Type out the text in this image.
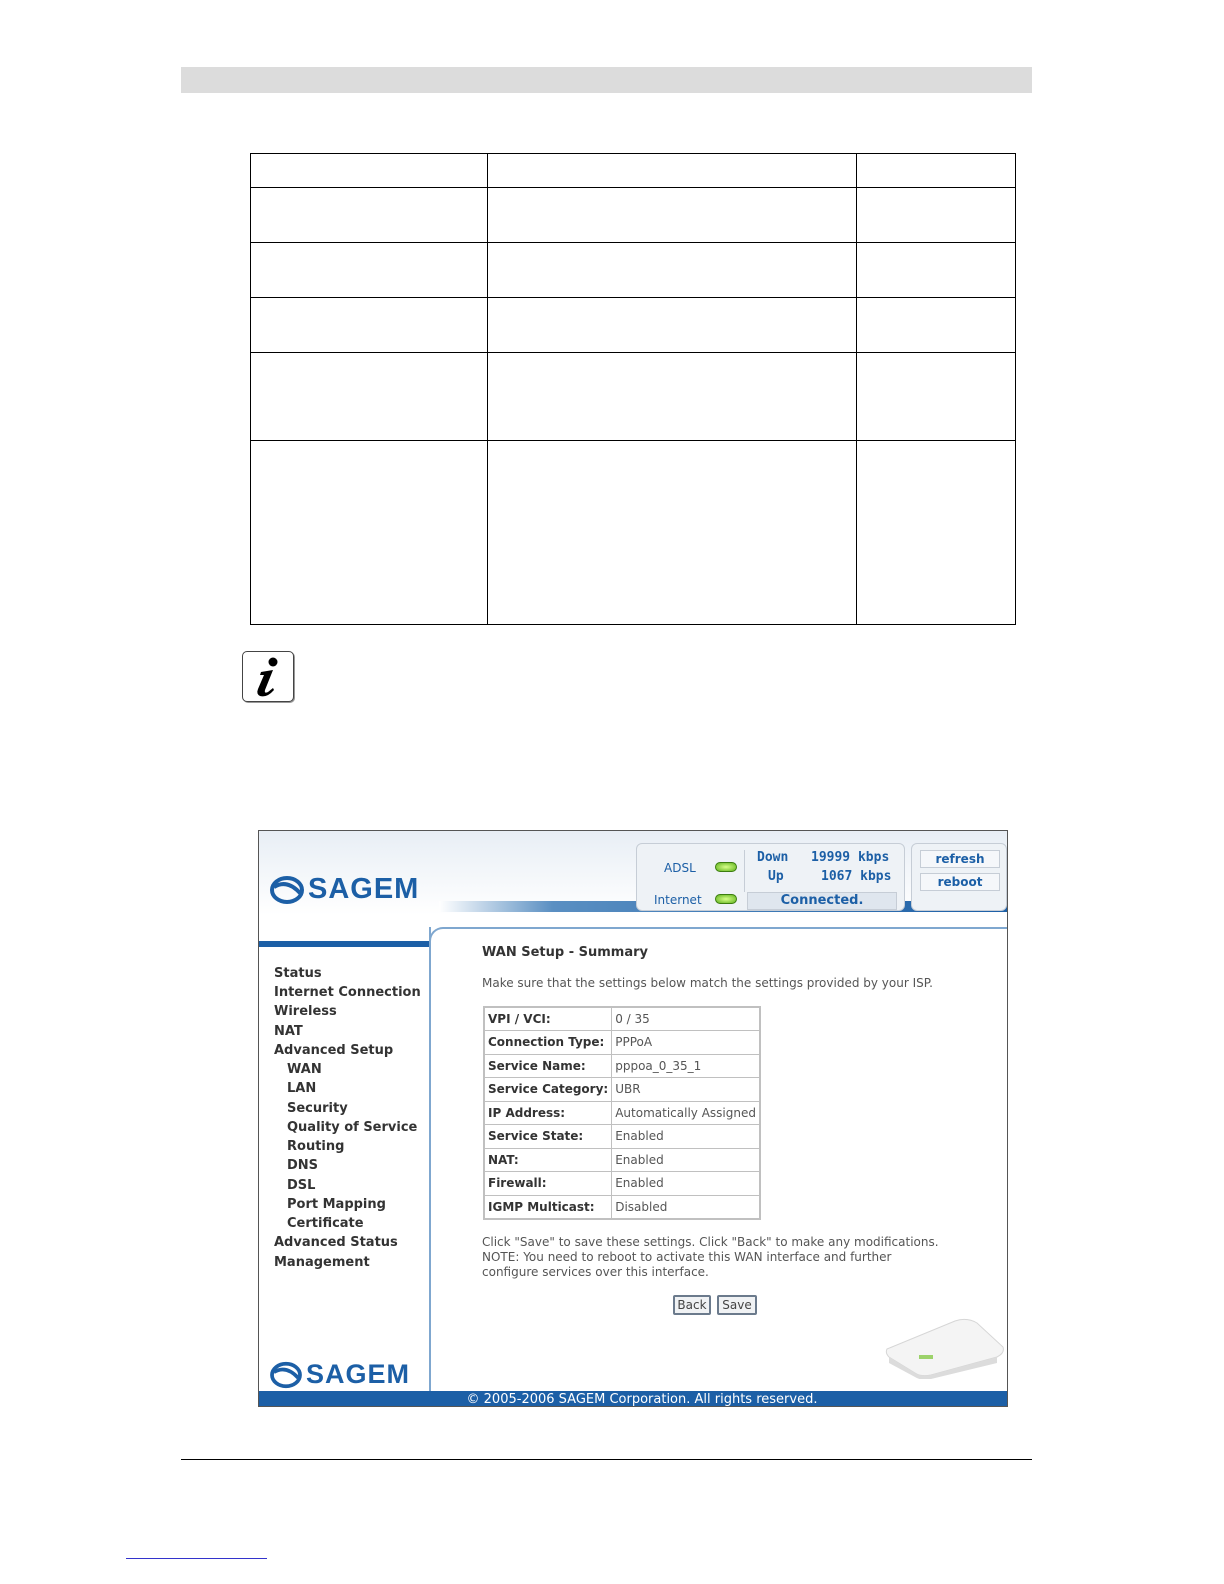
SAGEM
ADSL
Internet
Down 19999 kbps
Up	1067 kbps
Connected.
refresh
reboot
Status
Internet Connection
Wireless
NAT
Advanced Setup
WAN
LAN
Security
Quality of Service
Routing
DNS
DSL
Port Mapping
Certificate
Advanced Status
Management
WAN Setup - Summary
Make sure that the settings below match the settings provided by your ISP.
VPI / VCI:	0 / 35
Connection Type:	PPPoA
Service Name:	pppoa_0_35_1
Service Category:	UBR
IP Address:	Automatically Assigned
Service State:	Enabled
NAT:	Enabled
Firewall:	Enabled
IGMP Multicast:	Disabled
Click "Save" to save these settings. Click "Back" to make any modifications.
NOTE: You need to reboot to activate this WAN interface and further
configure services over this interface.
Back	Save
SAGEM
© 2005-2006 SAGEM Corporation. All rights reserved.
